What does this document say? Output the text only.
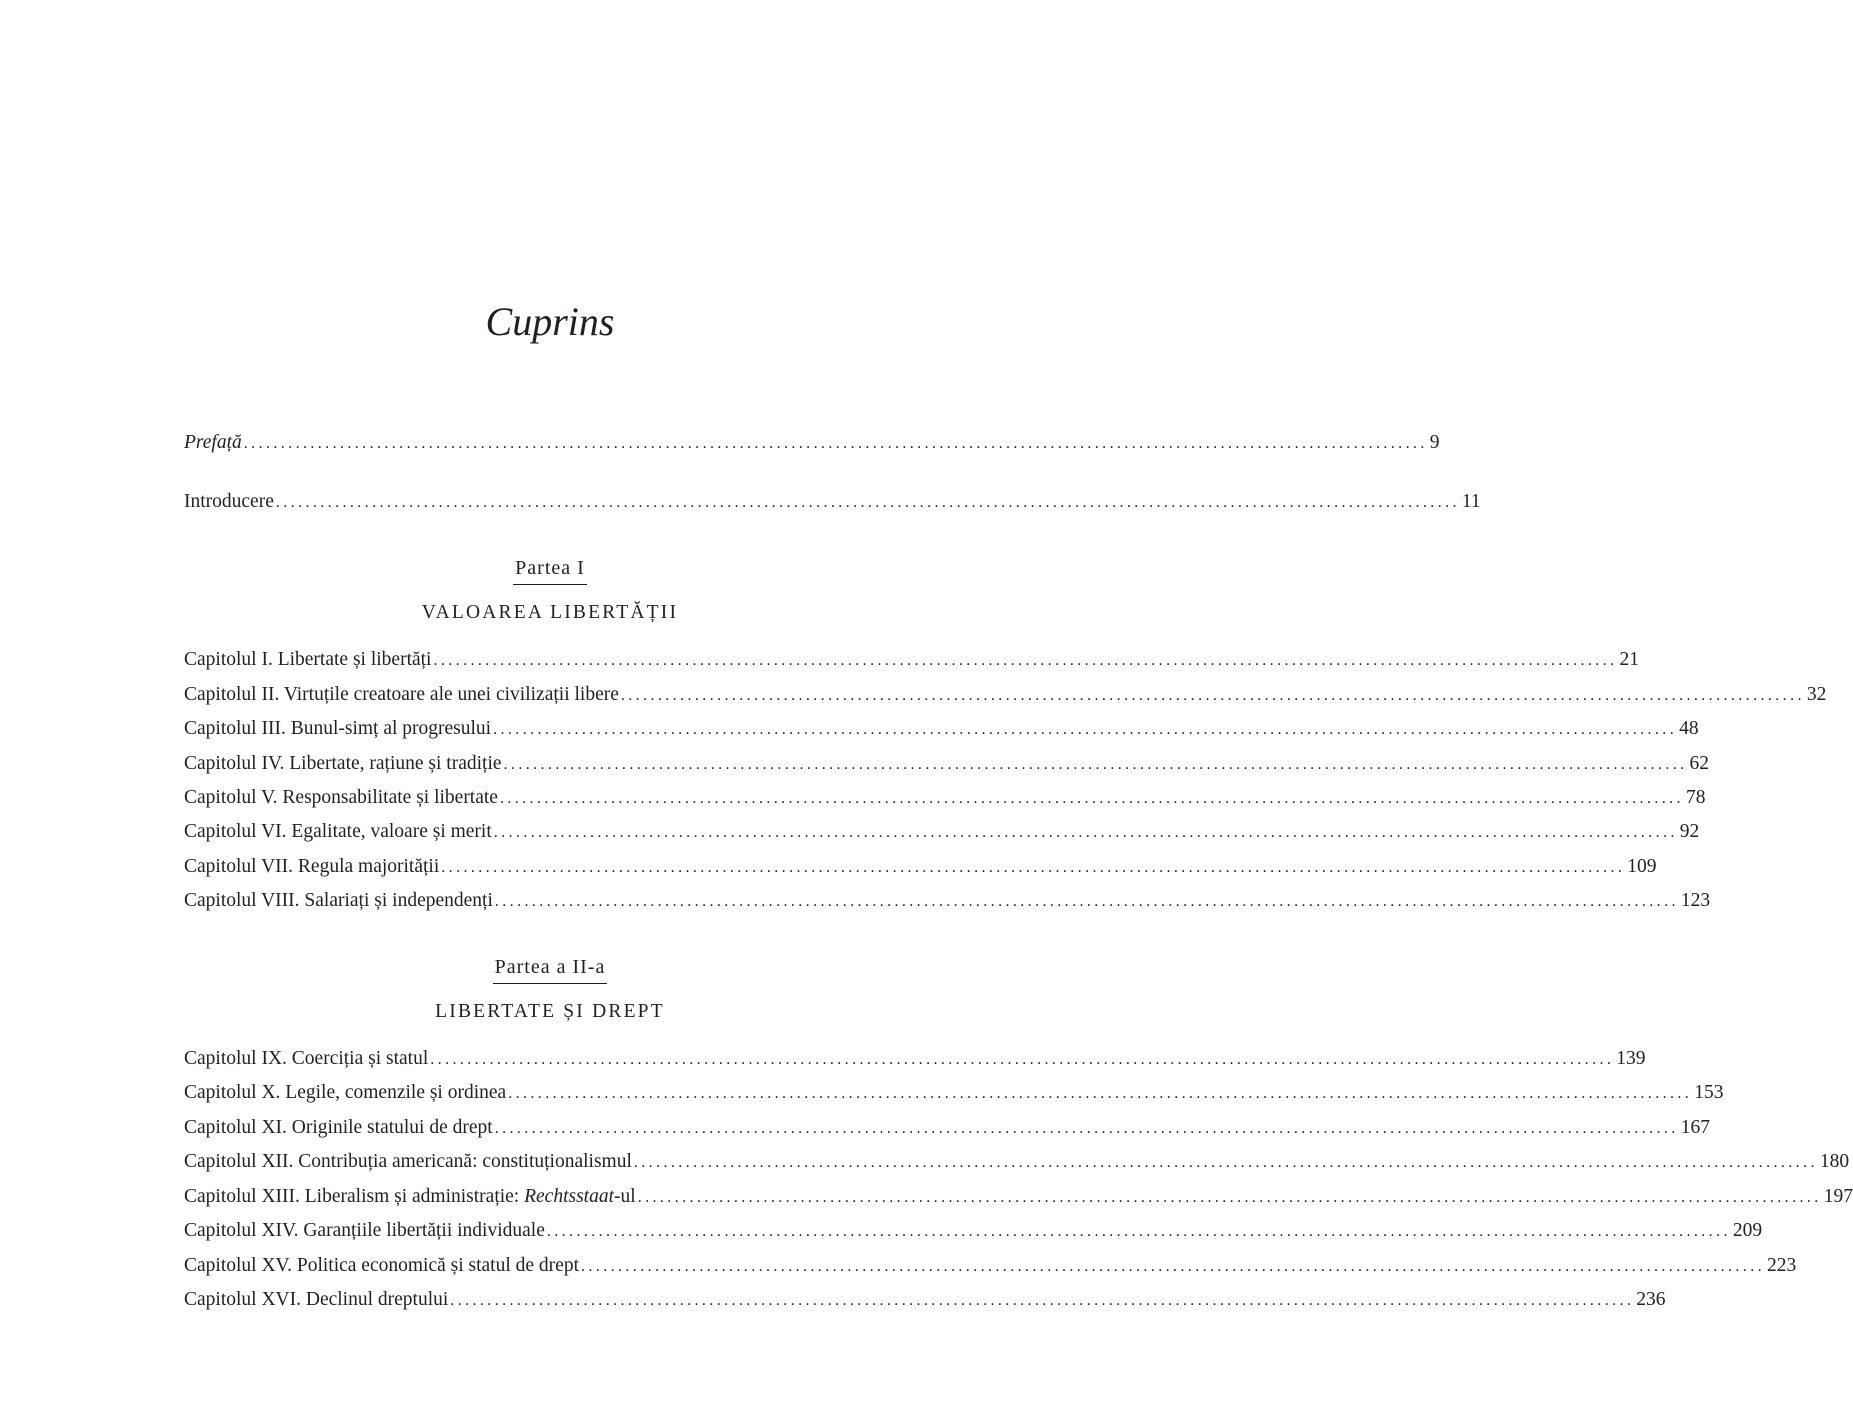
Cuprins
Prefață ................................................................................................................................................................ 9
Introducere ................................................................................................................................................................ 11
Partea I
VALOAREA LIBERTĂȚII
Capitolul I. Libertate și libertăți ................................................................................................................................................................ 21
Capitolul II. Virtuțile creatoare ale unei civilizații libere ................................................................................................................................................................ 32
Capitolul III. Bunul-simț al progresului ................................................................................................................................................................ 48
Capitolul IV. Libertate, rațiune și tradiție ................................................................................................................................................................ 62
Capitolul V. Responsabilitate și libertate ................................................................................................................................................................ 78
Capitolul VI. Egalitate, valoare și merit ................................................................................................................................................................ 92
Capitolul VII. Regula majorității ................................................................................................................................................................ 109
Capitolul VIII. Salariați și independenți ................................................................................................................................................................ 123
Partea a II-a
LIBERTATE ȘI DREPT
Capitolul IX. Coerciția și statul ................................................................................................................................................................ 139
Capitolul X. Legile, comenzile și ordinea ................................................................................................................................................................ 153
Capitolul XI. Originile statului de drept ................................................................................................................................................................ 167
Capitolul XII. Contribuția americană: constituționalismul ................................................................................................................................................................ 180
Capitolul XIII. Liberalism și administrație: Rechtsstaat-ul ................................................................................................................................................................ 197
Capitolul XIV. Garanțiile libertății individuale ................................................................................................................................................................ 209
Capitolul XV. Politica economică și statul de drept ................................................................................................................................................................ 223
Capitolul XVI. Declinul dreptului ................................................................................................................................................................ 236
